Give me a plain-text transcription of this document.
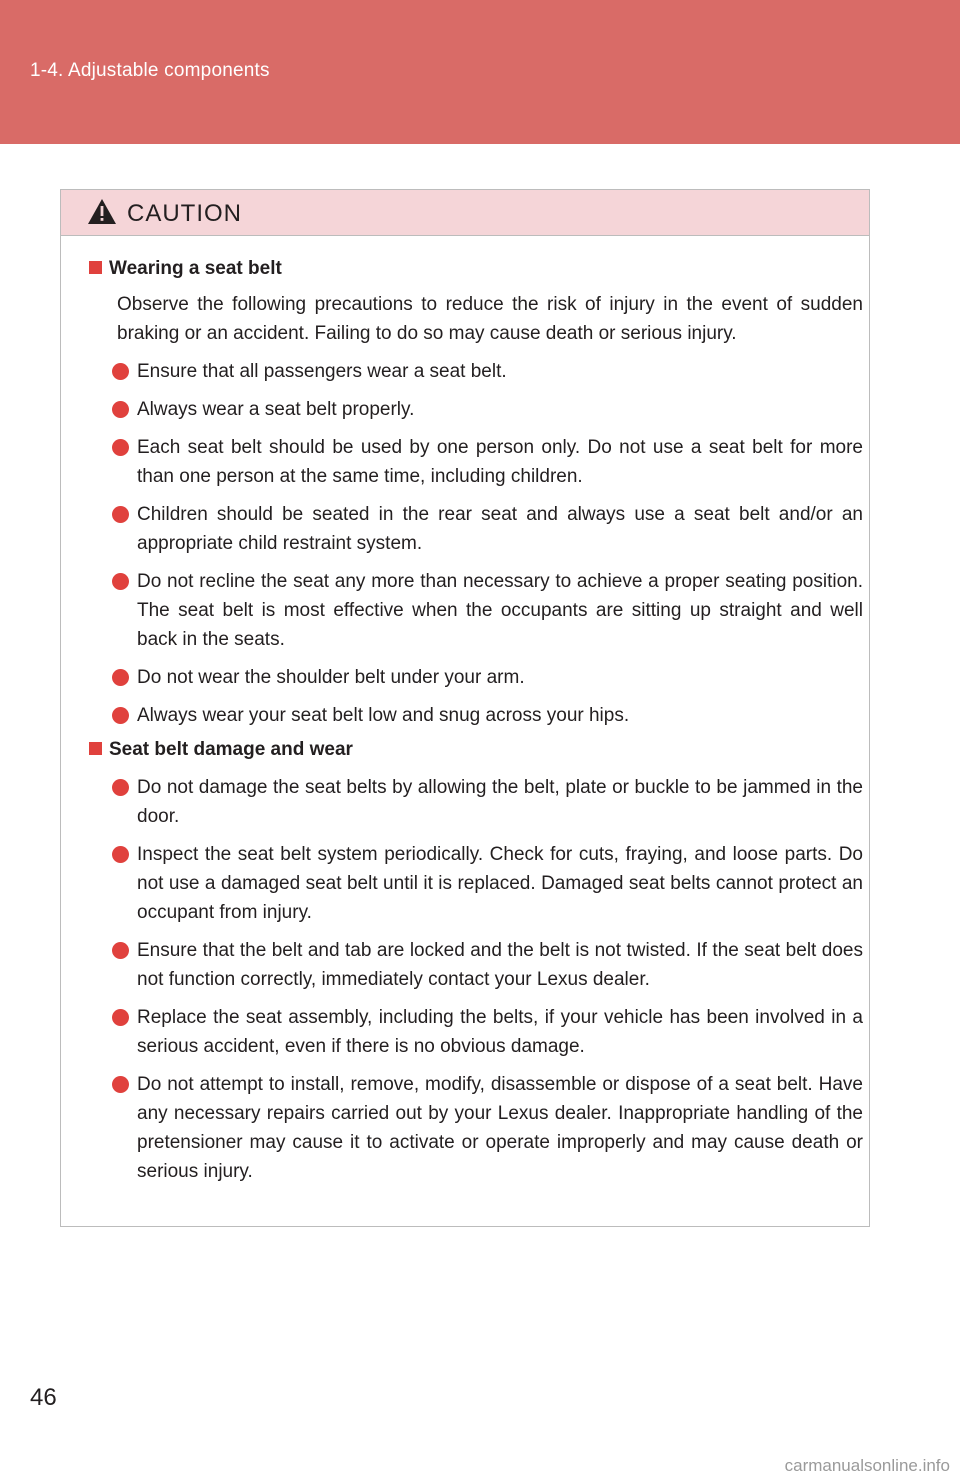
1-4. Adjustable components
CAUTION
Wearing a seat belt

Observe the following precautions to reduce the risk of injury in the event of sudden braking or an accident. Failing to do so may cause death or serious injury.

Ensure that all passengers wear a seat belt.
Always wear a seat belt properly.
Each seat belt should be used by one person only. Do not use a seat belt for more than one person at the same time, including children.
Children should be seated in the rear seat and always use a seat belt and/or an appropriate child restraint system.
Do not recline the seat any more than necessary to achieve a proper seating position. The seat belt is most effective when the occupants are sitting up straight and well back in the seats.
Do not wear the shoulder belt under your arm.
Always wear your seat belt low and snug across your hips.
Seat belt damage and wear
Do not damage the seat belts by allowing the belt, plate or buckle to be jammed in the door.
Inspect the seat belt system periodically. Check for cuts, fraying, and loose parts. Do not use a damaged seat belt until it is replaced. Damaged seat belts cannot protect an occupant from injury.
Ensure that the belt and tab are locked and the belt is not twisted. If the seat belt does not function correctly, immediately contact your Lexus dealer.
Replace the seat assembly, including the belts, if your vehicle has been involved in a serious accident, even if there is no obvious damage.
Do not attempt to install, remove, modify, disassemble or dispose of a seat belt. Have any necessary repairs carried out by your Lexus dealer. Inappropriate handling of the pretensioner may cause it to activate or operate improperly and may cause death or serious injury.
46
carmanualsonline.info
